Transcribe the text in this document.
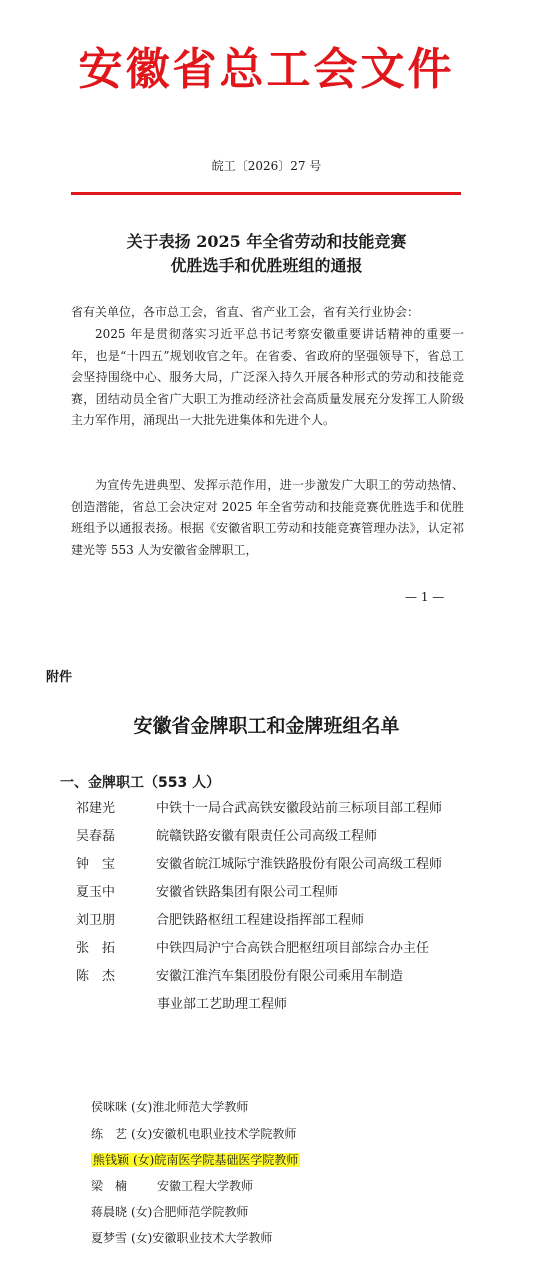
安徽省总工会文件
皖工〔2026〕27 号
关于表扬 2025 年全省劳动和技能竞赛
优胜选手和优胜班组的通报
省有关单位，各市总工会，省直、省产业工会，省有关行业协会：
2025 年是贯彻落实习近平总书记考察安徽重要讲话精神的重要一年，也是“十四五”规划收官之年。在省委、省政府的坚强领导下，省总工会坚持围绕中心、服务大局，广泛深入持久开展各种形式的劳动和技能竞赛，团结动员全省广大职工为推动经济社会高质量发展充分发挥工人阶级主力军作用，涌现出一大批先进集体和先进个人。
为宣传先进典型、发挥示范作用，进一步激发广大职工的劳动热情、创造潜能，省总工会决定对 2025 年全省劳动和技能竞赛优胜选手和优胜班组予以通报表扬。根据《安徽省职工劳动和技能竞赛管理办法》，认定祁建光等 553 人为安徽省金牌职工，
— 1 —
附件
安徽省金牌职工和金牌班组名单
一、金牌职工（553 人）
祁建光	中铁十一局合武高铁安徽段站前三标项目部工程师
吴春磊	皖赣铁路安徽有限责任公司高级工程师
钟　宝	安徽省皖江城际宁淮铁路股份有限公司高级工程师
夏玉中	安徽省铁路集团有限公司工程师
刘卫朋	合肥铁路枢纽工程建设指挥部工程师
张　拓	中铁四局沪宁合高铁合肥枢纽项目部综合办主任
陈　杰	安徽江淮汽车集团股份有限公司乘用车制造
事业部工艺助理工程师
侯咪咪 (女)淮北师范大学教师
练　艺 (女)安徽机电职业技术学院教师
熊钱颖 (女)皖南医学院基础医学院教师
梁　楠 安徽工程大学教师
蒋晨晓 (女)合肥师范学院教师
夏梦雪 (女)安徽职业技术大学教师
